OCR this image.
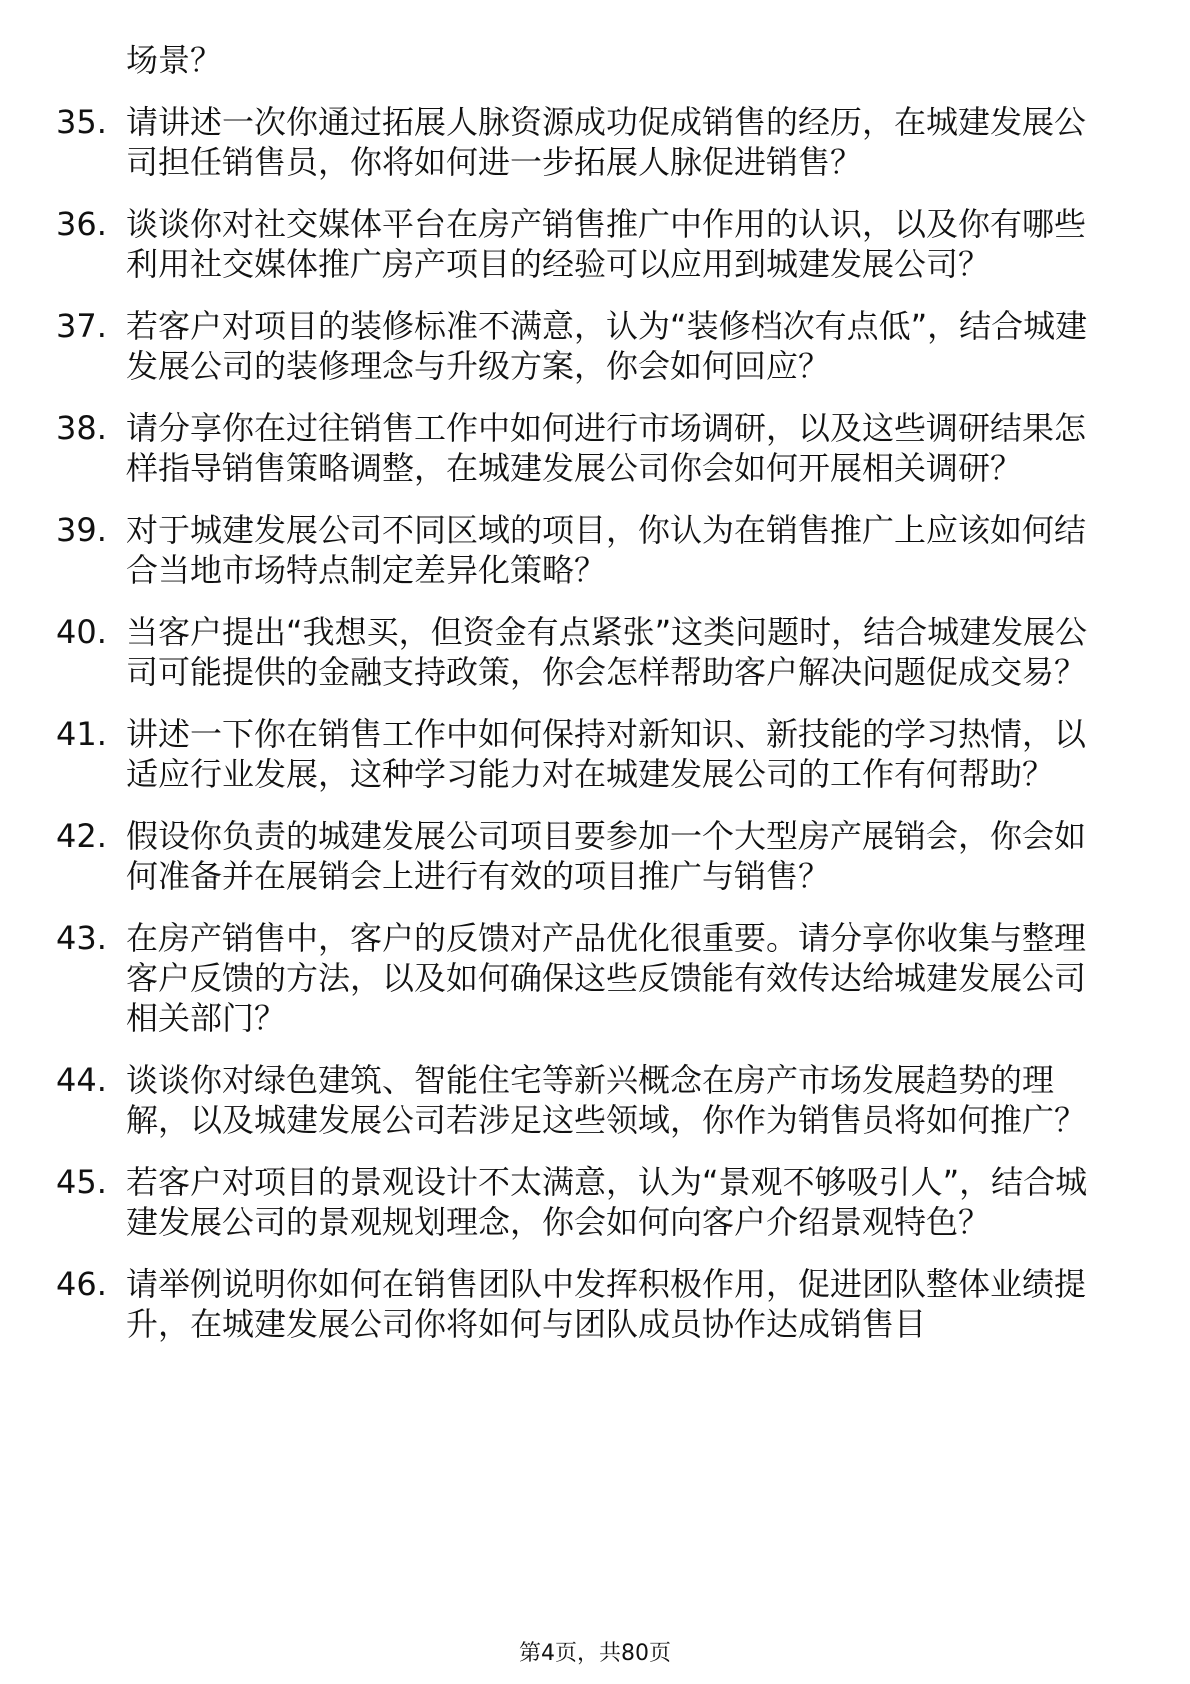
场景？
35. 请讲述一次你通过拓展人脉资源成功促成销售的经历，在城建发展公司担任销售员，你将如何进一步拓展人脉促进销售？
36. 谈谈你对社交媒体平台在房产销售推广中作用的认识，以及你有哪些利用社交媒体推广房产项目的经验可以应用到城建发展公司？
37. 若客户对项目的装修标准不满意，认为“装修档次有点低”，结合城建发展公司的装修理念与升级方案，你会如何回应？
38. 请分享你在过往销售工作中如何进行市场调研，以及这些调研结果怎样指导销售策略调整，在城建发展公司你会如何开展相关调研？
39. 对于城建发展公司不同区域的项目，你认为在销售推广上应该如何结合当地市场特点制定差异化策略？
40. 当客户提出“我想买，但资金有点紧张”这类问题时，结合城建发展公司可能提供的金融支持政策，你会怎样帮助客户解决问题促成交易？
41. 讲述一下你在销售工作中如何保持对新知识、新技能的学习热情，以适应行业发展，这种学习能力对在城建发展公司的工作有何帮助？
42. 假设你负责的城建发展公司项目要参加一个大型房产展销会，你会如何准备并在展销会上进行有效的项目推广与销售？
43. 在房产销售中，客户的反馈对产品优化很重要。请分享你收集与整理客户反馈的方法，以及如何确保这些反馈能有效传达给城建发展公司相关部门？
44. 谈谈你对绿色建筑、智能住宅等新兴概念在房产市场发展趋势的理解，以及城建发展公司若涉足这些领域，你作为销售员将如何推广？
45. 若客户对项目的景观设计不太满意，认为“景观不够吸引人”，结合城建发展公司的景观规划理念，你会如何向客户介绍景观特色？
46. 请举例说明你如何在销售团队中发挥积极作用，促进团队整体业绩提升，在城建发展公司你将如何与团队成员协作达成销售目
第4页，共80页
